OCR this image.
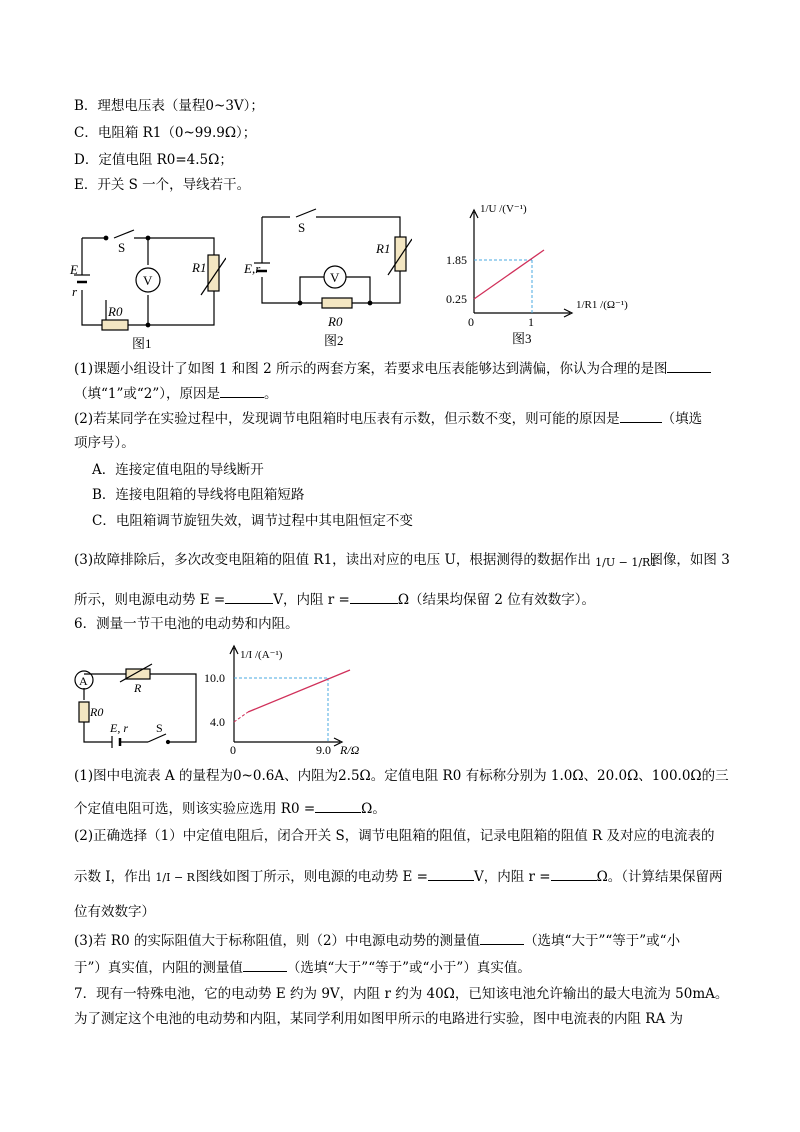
B．理想电压表（量程0~3V）；
C．电阻箱 R1（0~99.9Ω）；
D．定值电阻 R0=4.5Ω；
E．开关 S 一个，导线若干。
S
E
r
V
R1
R0
图1
S
E,r
V
R1
R0
图2
1/U /(V⁻¹)
1/R1 /(Ω⁻¹)
1.85
0.25
0	1
图3
(1)课题小组设计了如图 1 和图 2 所示的两套方案，若要求电压表能够达到满偏，你认为合理的是图
（填“1”或“2”），原因是	。
(2)若某同学在实验过程中，发现调节电阻箱时电压表有示数，但示数不变，则可能的原因是	（填选
项序号）。
A．连接定值电阻的导线断开
B．连接电阻箱的导线将电阻箱短路
C．电阻箱调节旋钮失效，调节过程中其电阻恒定不变
(3)故障排除后，多次改变电阻箱的阻值 R1，读出对应的电压 U，根据测得的数据作出 1/U − 1/R1 图像，如图 3
所示，则电源电动势 E =	V，内阻 r =	Ω（结果均保留 2 位有效数字）。
6．测量一节干电池的电动势和内阻。
A	R
R0
E, r S
1/I /(A⁻¹)
R/Ω
10.0
4.0
0	9.0
(1)图中电流表 A 的量程为0~0.6A、内阻为2.5Ω。定值电阻 R0 有标称分别为 1.0Ω、20.0Ω、100.0Ω的三
个定值电阻可选，则该实验应选用 R0 =	Ω。
(2)正确选择（1）中定值电阻后，闭合开关 S，调节电阻箱的阻值，记录电阻箱的阻值 R 及对应的电流表的
示数 I，作出 1/I − R 图线如图丁所示，则电源的电动势 E =	V，内阻 r =	Ω。（计算结果保留两
位有效数字）
(3)若 R0 的实际阻值大于标称阻值，则（2）中电源电动势的测量值	（选填“大于”“等于”或“小
于”）真实值，内阻的测量值	（选填“大于”“等于”或“小于”）真实值。
7．现有一特殊电池，它的电动势 E 约为 9V，内阻 r 约为 40Ω，已知该电池允许输出的最大电流为 50mA。
为了测定这个电池的电动势和内阻，某同学利用如图甲所示的电路进行实验，图中电流表的内阻 RA 为
